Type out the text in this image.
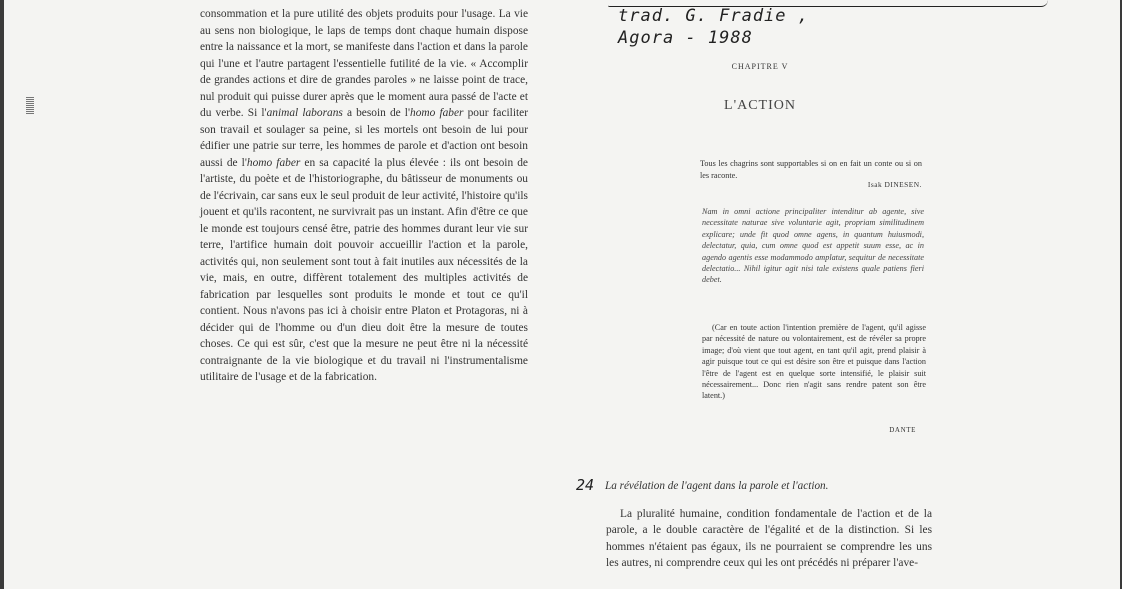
consommation et la pure utilité des objets produits pour l'usage. La vie au sens non biologique, le laps de temps dont chaque humain dispose entre la naissance et la mort, se manifeste dans l'action et dans la parole qui l'une et l'autre partagent l'essentielle futilité de la vie. « Accomplir de grandes actions et dire de grandes paroles » ne laisse point de trace, nul produit qui puisse durer après que le moment aura passé de l'acte et du verbe. Si l'animal laborans a besoin de l'homo faber pour faciliter son travail et soulager sa peine, si les mortels ont besoin de lui pour édifier une patrie sur terre, les hommes de parole et d'action ont besoin aussi de l'homo faber en sa capacité la plus élevée : ils ont besoin de l'artiste, du poète et de l'historiographe, du bâtisseur de monuments ou de l'écrivain, car sans eux le seul produit de leur activité, l'histoire qu'ils jouent et qu'ils racontent, ne survivrait pas un instant. Afin d'être ce que le monde est toujours censé être, patrie des hommes durant leur vie sur terre, l'artifice humain doit pouvoir accueillir l'action et la parole, activités qui, non seulement sont tout à fait inutiles aux nécessités de la vie, mais, en outre, diffèrent totalement des multiples activités de fabrication par lesquelles sont produits le monde et tout ce qu'il contient. Nous n'avons pas ici à choisir entre Platon et Protagoras, ni à décider qui de l'homme ou d'un dieu doit être la mesure de toutes choses. Ce qui est sûr, c'est que la mesure ne peut être ni la nécessité contraignante de la vie biologique et du travail ni l'instrumentalisme utilitaire de l'usage et de la fabrication.

trad. G. Fradie ,
Agora - 1988
CHAPITRE V
L'ACTION
Tous les chagrins sont supportables si on en fait un conte ou si on les raconte.
Isak DINESEN.
Nam in omni actione principaliter intenditur ab agente, sive necessitate naturae sive voluntarie agit, propriam similitudinem explicare; unde fit quod omne agens, in quantum huiusmodi, delectatur, quia, cum omne quod est appetit suum esse, ac in agendo agentis esse modammodo amplatur, sequitur de necessitate delectatio... Nihil igitur agit nisi tale existens quale patiens fieri debet.
(Car en toute action l'intention première de l'agent, qu'il agisse par nécessité de nature ou volontairement, est de révéler sa propre image; d'où vient que tout agent, en tant qu'il agit, prend plaisir à agir puisque tout ce qui est désire son être et puisque dans l'action l'être de l'agent est en quelque sorte intensifié, le plaisir suit nécessairement... Donc rien n'agit sans rendre patent son être latent.)
DANTE
24 La révélation de l'agent dans la parole et l'action.

La pluralité humaine, condition fondamentale de l'action et de la parole, a le double caractère de l'égalité et de la distinction. Si les hommes n'étaient pas égaux, ils ne pourraient se comprendre les uns les autres, ni comprendre ceux qui les ont précédés ni préparer l'ave-
